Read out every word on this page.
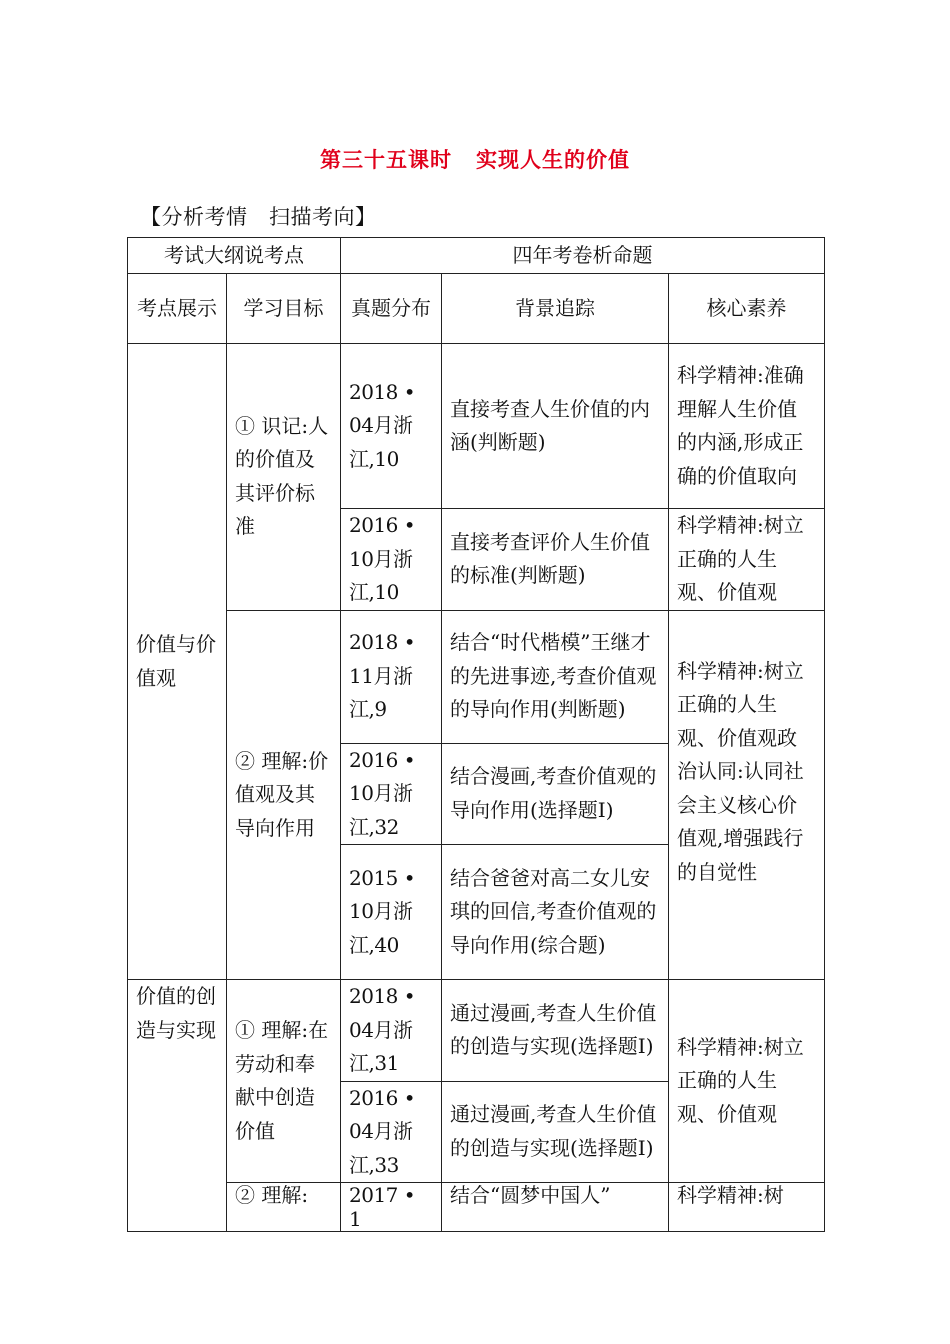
第三十五课时 实现人生的价值
【分析考情　扫描考向】
考试大纲说考点		四年考卷析命题		
考点展示	学习目标	真题分布	背景追踪	核心素养
价值与价值观	① 识记:人的价值及其评价标准	2018 • 04月浙江,10	直接考查人生价值的内涵(判断题)	科学精神:准确理解人生价值的内涵,形成正确的价值取向
		2016 • 10月浙江,10	直接考查评价人生价值的标准(判断题)	科学精神:树立正确的人生观、价值观
	② 理解:价值观及其导向作用	2018 • 11月浙江,9	结合“时代楷模”王继才的先进事迹,考查价值观的导向作用(判断题)	科学精神:树立正确的人生观、价值观政治认同:认同社会主义核心价值观,增强践行的自觉性
		2016 • 10月浙江,32	结合漫画,考查价值观的导向作用(选择题Ⅰ)	
		2015 • 10月浙江,40	结合爸爸对高二女儿安琪的回信,考查价值观的导向作用(综合题)	
价值的创造与实现	① 理解:在劳动和奉献中创造价值	2018 • 04月浙江,31	通过漫画,考查人生价值的创造与实现(选择题Ⅰ)	科学精神:树立正确的人生观、价值观
		2016 • 04月浙江,33	通过漫画,考查人生价值的创造与实现(选择题Ⅰ)	
	② 理解:	2017 • 1	结合“圆梦中国人”	科学精神:树
